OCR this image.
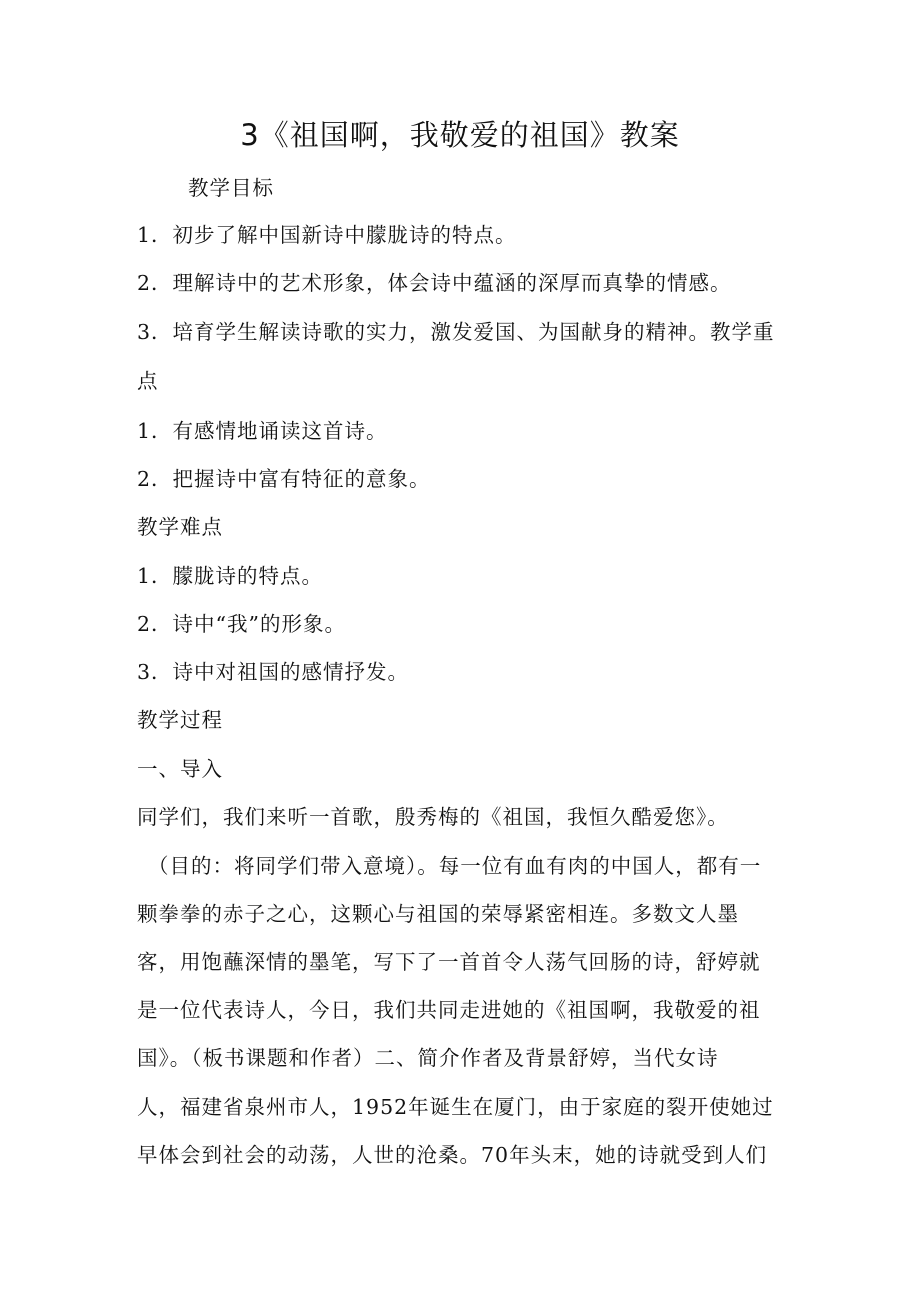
3《祖国啊，我敬爱的祖国》教案
教学目标
1．初步了解中国新诗中朦胧诗的特点。
2．理解诗中的艺术形象，体会诗中蕴涵的深厚而真挚的情感。
3．培育学生解读诗歌的实力，激发爱国、为国献身的精神。教学重
点
1．有感情地诵读这首诗。
2．把握诗中富有特征的意象。
教学难点
1．朦胧诗的特点。
2．诗中“我”的形象。
3．诗中对祖国的感情抒发。
教学过程
一、导入
同学们，我们来听一首歌，殷秀梅的《祖国，我恒久酷爱您》。
（目的：将同学们带入意境）。每一位有血有肉的中国人，都有一
颗拳拳的赤子之心，这颗心与祖国的荣辱紧密相连。多数文人墨
客，用饱蘸深情的墨笔，写下了一首首令人荡气回肠的诗，舒婷就
是一位代表诗人，今日，我们共同走进她的《祖国啊，我敬爱的祖
国》。（板书课题和作者）二、简介作者及背景舒婷，当代女诗
人，福建省泉州市人，1952年诞生在厦门，由于家庭的裂开使她过
早体会到社会的动荡，人世的沧桑。70年头末，她的诗就受到人们
